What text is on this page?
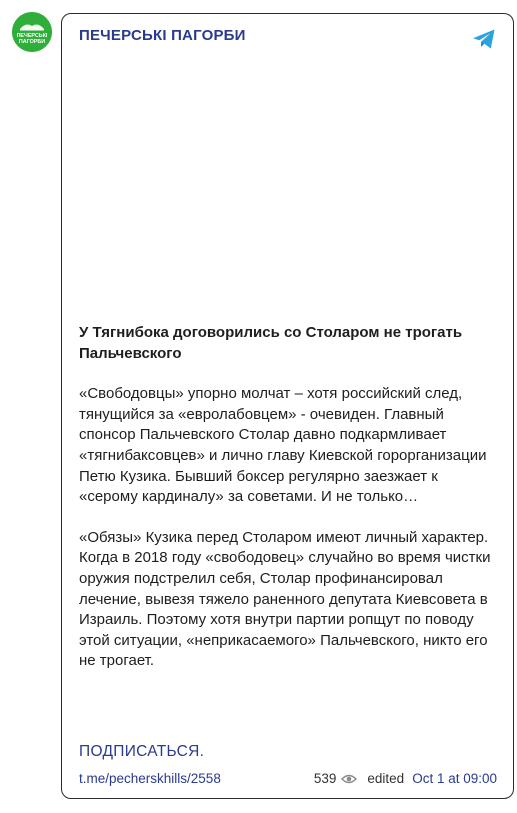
ПЕЧЕРСЬКІ
ПАГОРБИ ПЕЧЕРСЬКІ ПАГОРБИ
У Тягнибока договорились со Столаром не трогать Пальчевского
«Свободовцы» упорно молчат – хотя российский след, тянущийся за «евролабовцем» - очевиден. Главный спонсор Пальчевского Столар давно подкармливает «тягнибаксовцев» и лично главу Киевской горорганизации Петю Кузика. Бывший боксер регулярно заезжает к «серому кардиналу» за советами. И не только…
«Обязы» Кузика перед Столаром имеют личный характер. Когда в 2018 году «свободовец» случайно во время чистки оружия подстрелил себя, Столар профинансировал лечение, вывезя тяжело раненного депутата Киевсовета в Израиль. Поэтому хотя внутри партии ропщут по поводу этой ситуации, «неприкасаемого» Пальчевского, никто его не трогает.
ПОДПИСАТЬСЯ.
t.me/pecherskhills/2558	539 edited Oct 1 at 09:00
